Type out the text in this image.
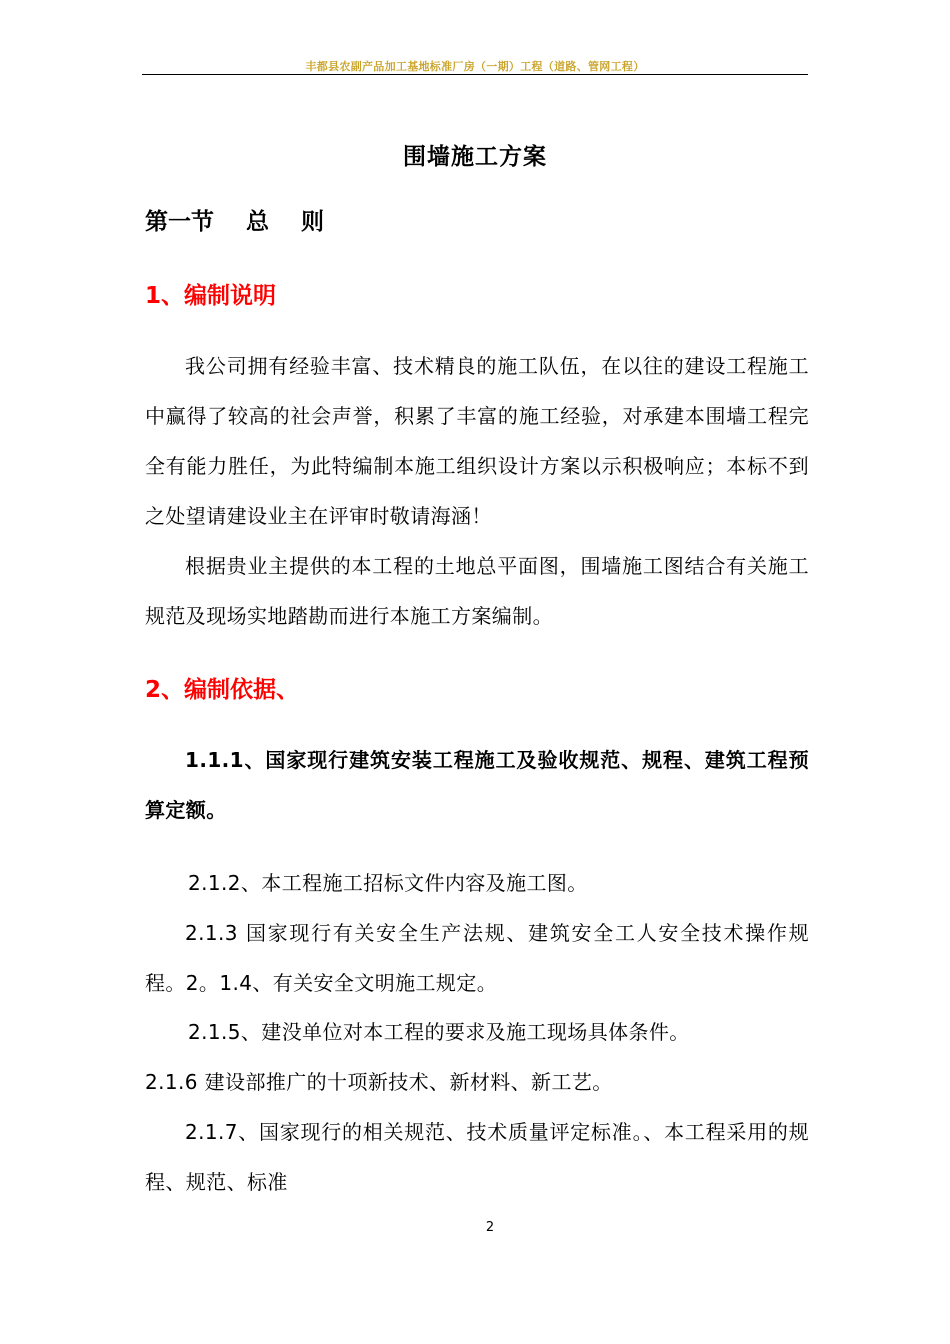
丰都县农副产品加工基地标准厂房（一期）工程（道路、管网工程）
围墙施工方案
第一节 总 则
1、编制说明
我公司拥有经验丰富、技术精良的施工队伍，在以往的建设工程施工中赢得了较高的社会声誉，积累了丰富的施工经验，对承建本围墙工程完全有能力胜任，为此特编制本施工组织设计方案以示积极响应；本标不到之处望请建设业主在评审时敬请海涵！
根据贵业主提供的本工程的土地总平面图，围墙施工图结合有关施工规范及现场实地踏勘而进行本施工方案编制。
2、编制依据、
1.1.1、国家现行建筑安装工程施工及验收规范、规程、建筑工程预算定额。
2.1.2、本工程施工招标文件内容及施工图。
2.1.3 国家现行有关安全生产法规、建筑安全工人安全技术操作规程。2。1.4、有关安全文明施工规定。
2.1.5、建没单位对本工程的要求及施工现场具体条件。
2.1.6 建设部推广的十项新技术、新材料、新工艺。
2.1.7、国家现行的相关规范、技术质量评定标准。、本工程采用的规程、规范、标准
2
